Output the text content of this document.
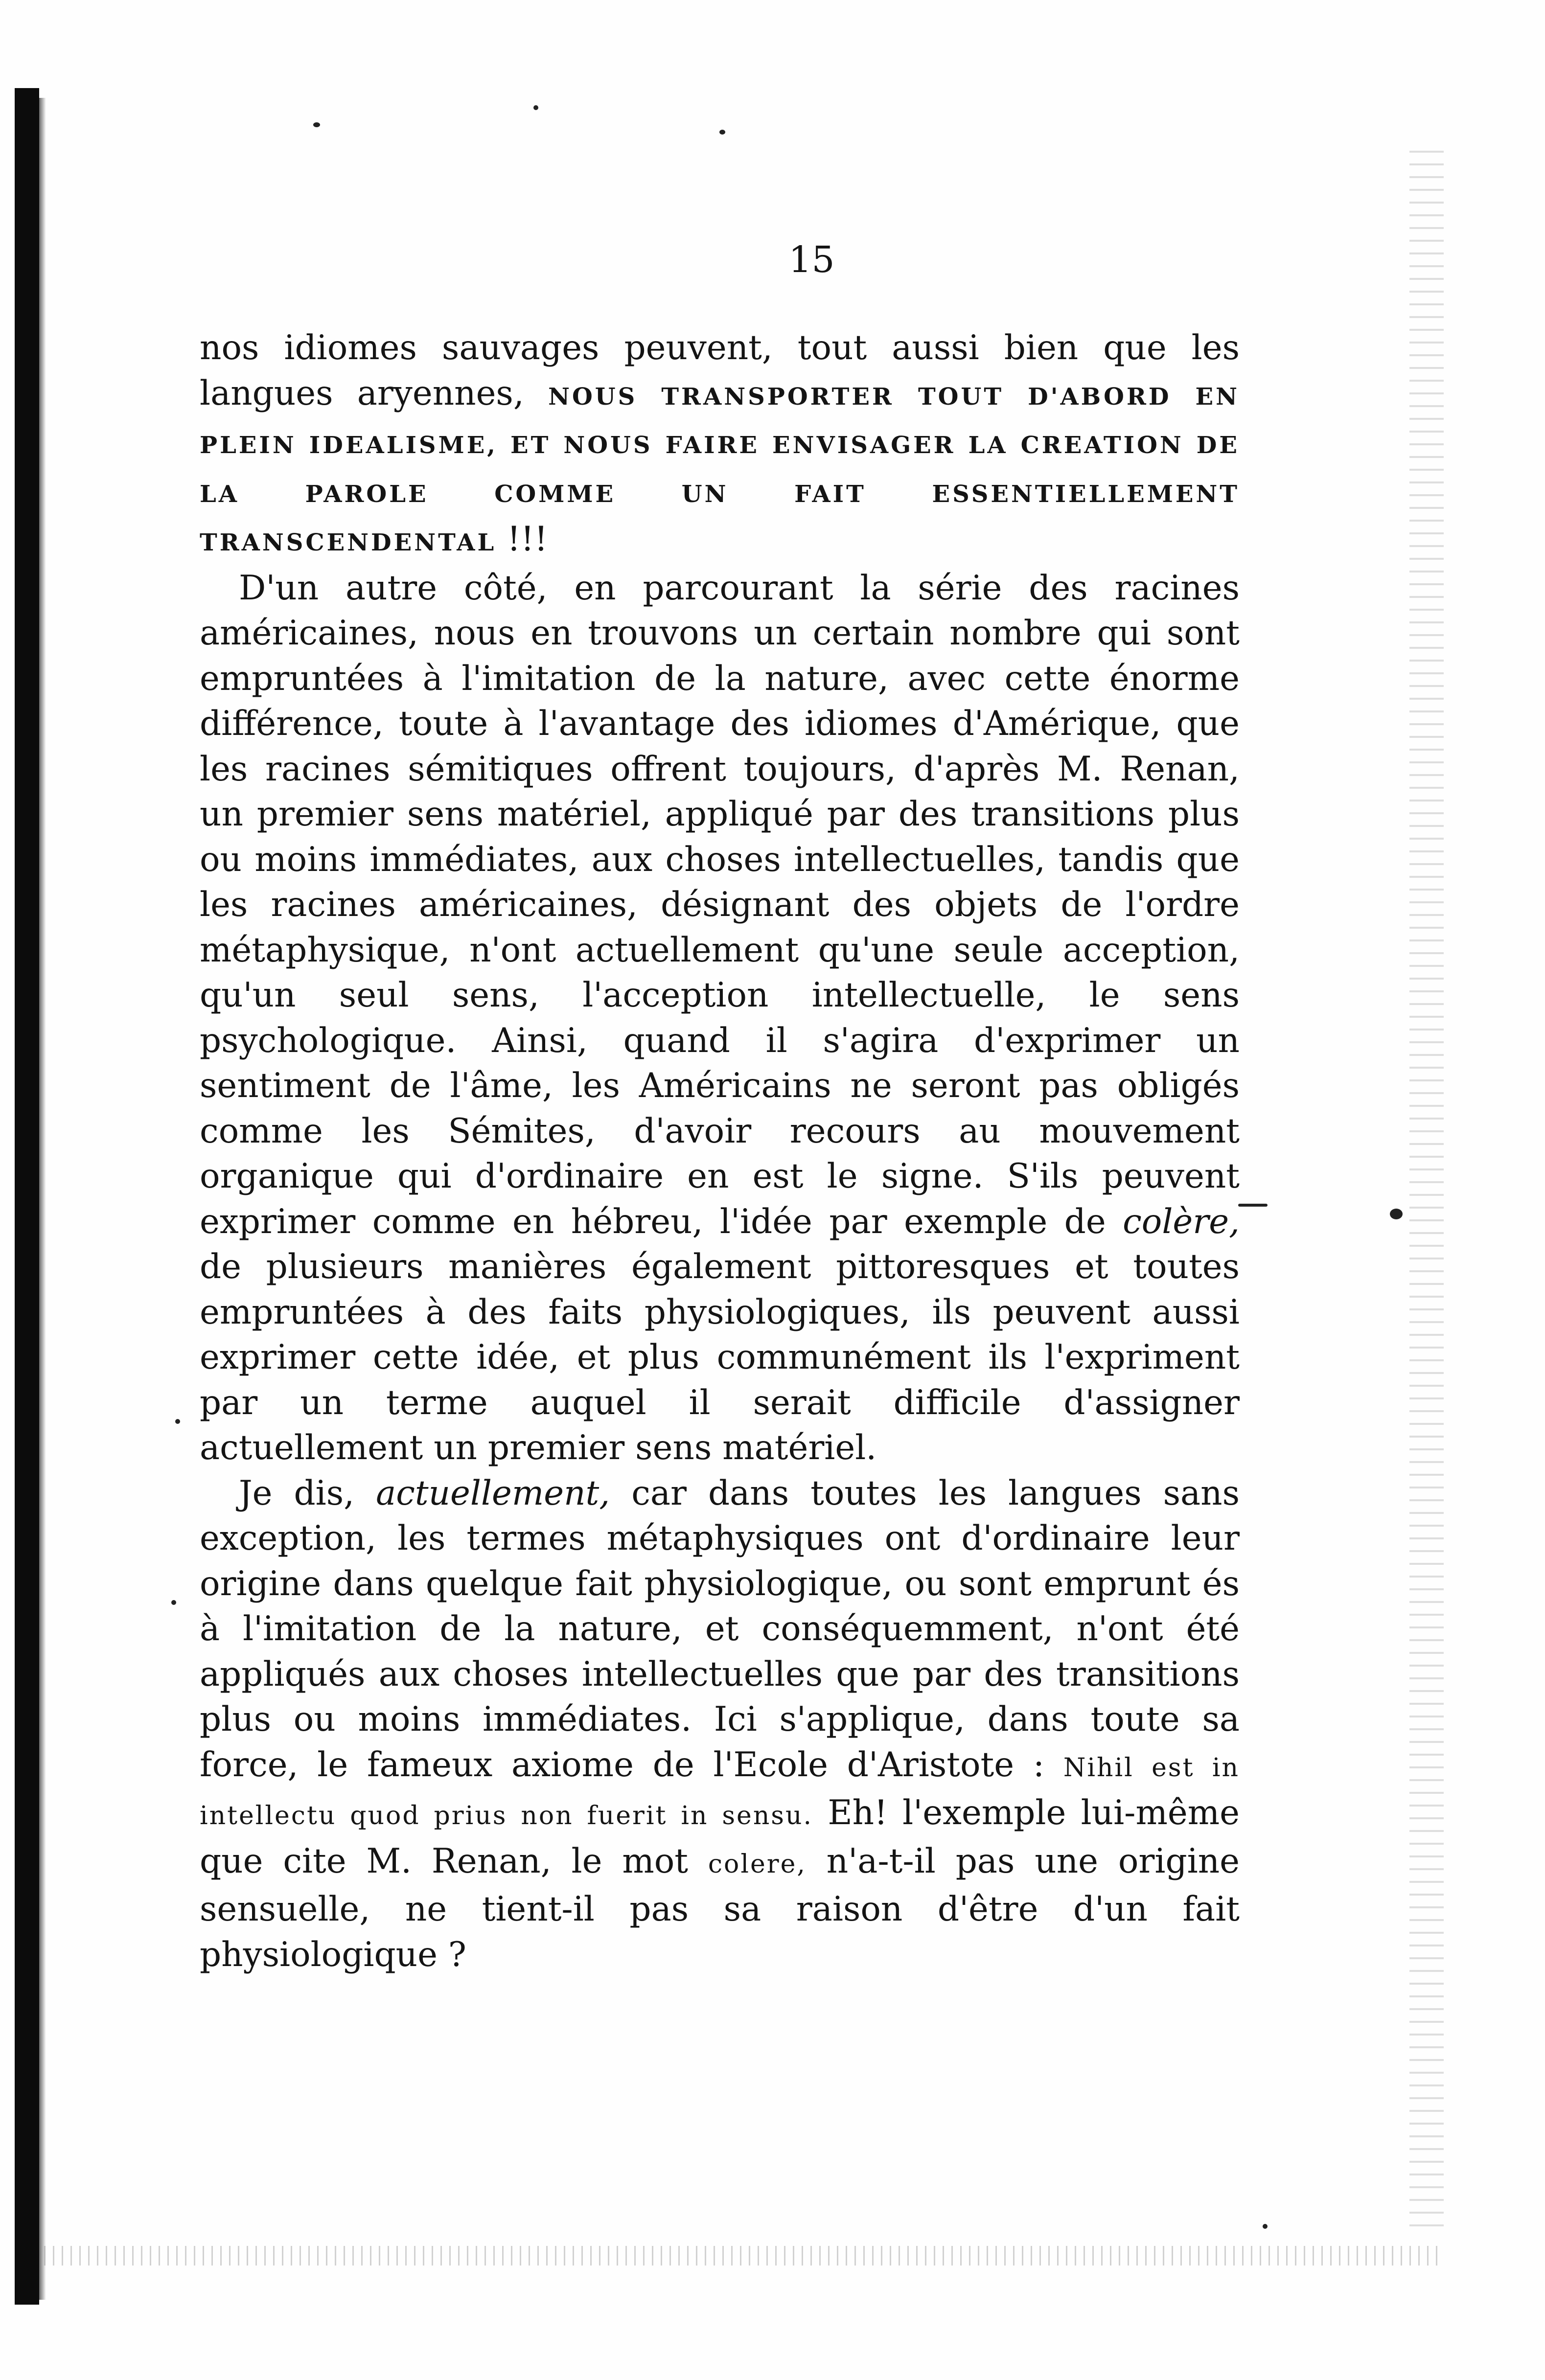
15

nos idiomes sauvages peuvent, tout aussi bien que les langues aryennes, NOUS TRANSPORTER TOUT D'ABORD EN PLEIN IDEALISME, ET NOUS FAIRE ENVISAGER LA CREATION DE LA PAROLE COMME UN FAIT ESSENTIELLEMENT TRANSCENDENTAL !!!

D'un autre côté, en parcourant la série des racines américaines, nous en trouvons un certain nombre qui sont empruntées à l'imitation de la nature, avec cette énorme différence, toute à l'avantage des idiomes d'Amérique, que les racines sémitiques offrent toujours, d'après M. Renan, un premier sens matériel, appliqué par des transitions plus ou moins immédiates, aux choses intellectuelles, tandis que les racines américaines, désignant des objets de l'ordre métaphysique, n'ont actuellement qu'une seule acception, qu'un seul sens, l'acception intellectuelle, le sens psychologique. Ainsi, quand il s'agira d'exprimer un sentiment de l'âme, les Américains ne seront pas obligés comme les Sémites, d'avoir recours au mouvement organique qui d'ordinaire en est le signe. S'ils peuvent exprimer comme en hébreu, l'idée par exemple de colère, de plusieurs manières également pittoresques et toutes empruntées à des faits physiologiques, ils peuvent aussi exprimer cette idée, et plus communément ils l'expriment par un terme auquel il serait difficile d'assigner actuellement un premier sens matériel.

Je dis, actuellement, car dans toutes les langues sans exception, les termes métaphysiques ont d'ordinaire leur origine dans quelque fait physiologique, ou sont emprunt és à l'imitation de la nature, et conséquemment, n'ont été appliqués aux choses intellectuelles que par des transitions plus ou moins immédiates. Ici s'applique, dans toute sa force, le fameux axiome de l'Ecole d'Aristote : Nihil est in intellectu quod prius non fuerit in sensu. Eh! l'exemple lui-même que cite M. Renan, le mot colere, n'a-t-il pas une origine sensuelle, ne tient-il pas sa raison d'être d'un fait physiologique ?
